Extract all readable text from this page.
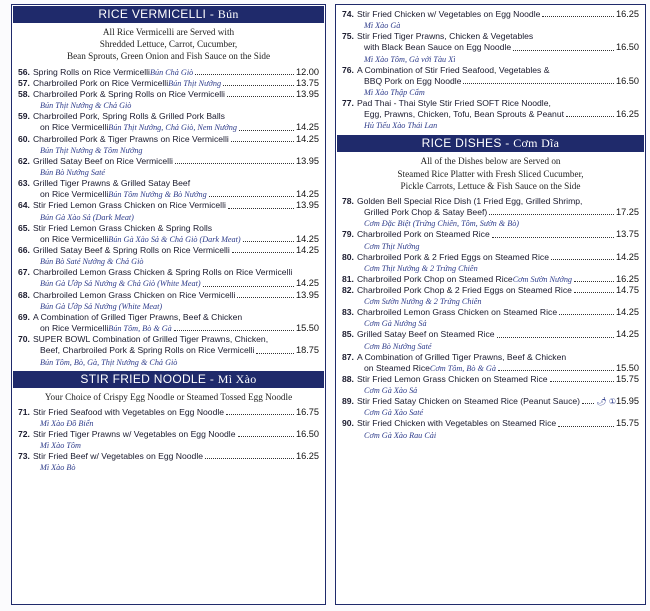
RICE VERMICELLI - Bún
All Rice Vermicelli are Served with
Shredded Lettuce, Carrot, Cucumber,
Bean Sprouts, Green Onion and Fish Sauce on the Side
56. Spring Rolls on Rice Vermicelli Bún Chả Giò	12.00
57. Charbroiled Pork on Rice Vermicelli Bún Thịt Nướng	13.75
58. Charbroiled Pork & Spring Rolls on Rice Vermicelli	13.95
Bún Thịt Nướng & Chả Giò
59. Charbroiled Pork, Spring Rolls & Grilled Pork Balls
on Rice Vermicelli Bún Thịt Nướng, Chả Giò, Nem Nướng	14.25
60. Charbroiled Pork & Tiger Prawns on Rice Vermicelli	14.25
Bún Thịt Nướng & Tôm Nướng
62. Grilled Satay Beef on Rice Vermicelli	13.95
Bún Bò Nướng Saté
63. Grilled Tiger Prawns & Grilled Satay Beef
on Rice Vermicelli Bún Tôm Nướng & Bò Nướng	14.25
64. Stir Fried Lemon Grass Chicken on Rice Vermicelli	13.95
Bún Gà Xào Sả (Dark Meat)
65. Stir Fried Lemon Grass Chicken & Spring Rolls
on Rice Vermicelli Bún Gà Xào Sả & Chả Giò (Dark Meat)	14.25
66. Grilled Satay Beef & Spring Rolls on Rice Vermicelli	14.25
Bún Bò Saté Nướng & Chả Giò
67. Charbroiled Lemon Grass Chicken & Spring Rolls on Rice Vermicelli
Bún Gà Ướp Sả Nướng & Chả Giò (White Meat)	14.25
68. Charbroiled Lemon Grass Chicken on Rice Vermicelli	13.95
Bún Gà Ướp Sả Nướng (White Meat)
69. A Combination of Grilled Tiger Prawns, Beef & Chicken
on Rice Vermicelli Bún Tôm, Bò & Gà	15.50
70. SUPER BOWL Combination of Grilled Tiger Prawns, Chicken,
Beef, Charbroiled Pork & Spring Rolls on Rice Vermicelli	18.75
Bún Tôm, Bò, Gà, Thịt Nướng & Chả Giò
STIR FRIED NOODLE - Mì Xào
Your Choice of Crispy Egg Noodle or Steamed Tossed Egg Noodle
71. Stir Fried Seafood with Vegetables on Egg Noodle	16.75
Mì Xào Đồ Biển
72. Stir Fried Tiger Prawns w/ Vegetables on Egg Noodle	16.50
Mì Xào Tôm
73. Stir Fried Beef w/ Vegetables on Egg Noodle	16.25
Mì Xào Bò
74. Stir Fried Chicken w/ Vegetables on Egg Noodle	16.25
Mì Xào Gà
75. Stir Fried Tiger Prawns, Chicken & Vegetables
with Black Bean Sauce on Egg Noodle	16.50
Mì Xào Tôm, Gà với Tàu Xì
76. A Combination of Stir Fried Seafood, Vegetables &
BBQ Pork on Egg Noodle	16.50
Mì Xào Thập Cẩm
77. Pad Thai - Thai Style Stir Fried SOFT Rice Noodle,
Egg, Prawns, Chicken, Tofu, Bean Sprouts & Peanut	16.25
Hủ Tiếu Xào Thái Lan
RICE DISHES - Cơm Dĩa
All of the Dishes below are Served on
Steamed Rice Platter with Fresh Sliced Cucumber,
Pickle Carrots, Lettuce & Fish Sauce on the Side
78. Golden Bell Special Rice Dish (1 Fried Egg, Grilled Shrimp,
Grilled Pork Chop & Satay Beef)	17.25
Cơm Đặc Biệt (Trứng Chiên, Tôm, Sườn & Bò)
79. Charbroiled Pork on Steamed Rice	13.75
Cơm Thịt Nướng
80. Charbroiled Pork & 2 Fried Eggs on Steamed Rice	14.25
Cơm Thịt Nướng & 2 Trứng Chiên
81. Charbroiled Pork Chop on Steamed Rice Cơm Sườn Nướng	16.25
82. Charbroiled Pork Chop & 2 Fried Eggs on Steamed Rice	14.75
Cơm Sườn Nướng & 2 Trứng Chiên
83. Charbroiled Lemon Grass Chicken on Steamed Rice	14.25
Cơm Gà Nướng Sả
85. Grilled Satay Beef on Steamed Rice	14.25
Cơm Bò Nướng Saté
87. A Combination of Grilled Tiger Prawns, Beef & Chicken
on Steamed Rice Cơm Tôm, Bò & Gà	15.50
88. Stir Fried Lemon Grass Chicken on Steamed Rice	15.75
Cơm Gà Xào Sả
89. Stir Fried Satay Chicken on Steamed Rice (Peanut Sauce) 🌶 ① 15.95
Cơm Gà Xào Saté
90. Stir Fried Chicken with Vegetables on Steamed Rice	15.75
Cơm Gà Xào Rau Cải
